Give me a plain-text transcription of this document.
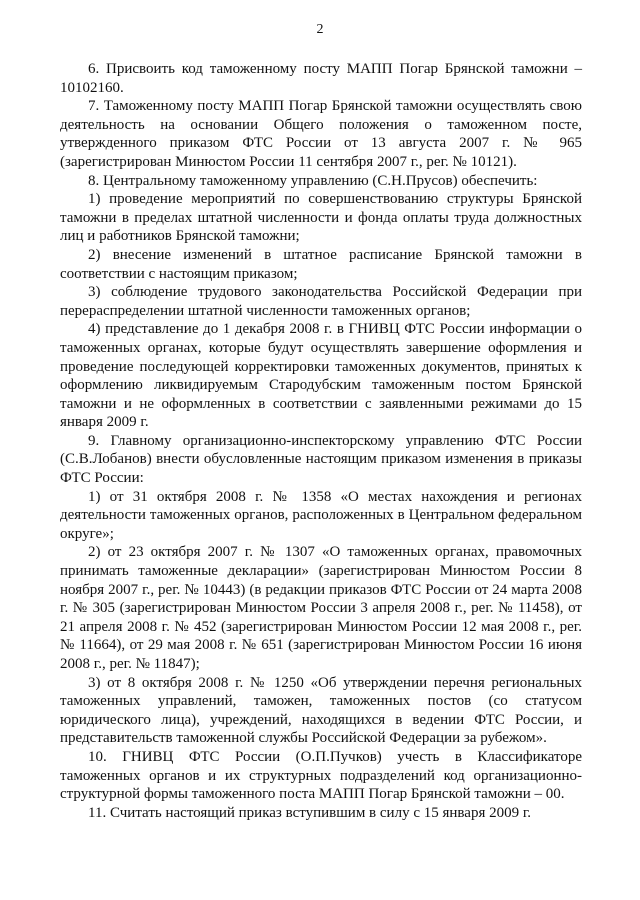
2

6. Присвоить код таможенному посту МАПП Погар Брянской таможни – 10102160.

7. Таможенному посту МАПП Погар Брянской таможни осуществлять свою деятельность на основании Общего положения о таможенном посте, утвержденного приказом ФТС России от 13 августа 2007 г. № 965 (зарегистрирован Минюстом России 11 сентября 2007 г., рег. № 10121).

8. Центральному таможенному управлению (С.Н.Прусов) обеспечить:

1) проведение мероприятий по совершенствованию структуры Брянской таможни в пределах штатной численности и фонда оплаты труда должностных лиц и работников Брянской таможни;

2) внесение изменений в штатное расписание Брянской таможни в соответствии с настоящим приказом;

3) соблюдение трудового законодательства Российской Федерации при перераспределении штатной численности таможенных органов;

4) представление до 1 декабря 2008 г. в ГНИВЦ ФТС России информации о таможенных органах, которые будут осуществлять завершение оформления и проведение последующей корректировки таможенных документов, принятых к оформлению ликвидируемым Стародубским таможенным постом Брянской таможни и не оформленных в соответствии с заявленными режимами до 15 января 2009 г.

9. Главному организационно-инспекторскому управлению ФТС России (С.В.Лобанов) внести обусловленные настоящим приказом изменения в приказы ФТС России:

1) от 31 октября 2008 г. № 1358 «О местах нахождения и регионах деятельности таможенных органов, расположенных в Центральном федеральном округе»;

2) от 23 октября 2007 г. № 1307 «О таможенных органах, правомочных принимать таможенные декларации» (зарегистрирован Минюстом России 8 ноября 2007 г., рег. № 10443) (в редакции приказов ФТС России от 24 марта 2008 г. № 305 (зарегистрирован Минюстом России 3 апреля 2008 г., рег. № 11458), от 21 апреля 2008 г. № 452 (зарегистрирован Минюстом России 12 мая 2008 г., рег. № 11664), от 29 мая 2008 г. № 651 (зарегистрирован Минюстом России 16 июня 2008 г., рег. № 11847);

3) от 8 октября 2008 г. № 1250 «Об утверждении перечня региональных таможенных управлений, таможен, таможенных постов (со статусом юридического лица), учреждений, находящихся в ведении ФТС России, и представительств таможенной службы Российской Федерации за рубежом».

10. ГНИВЦ ФТС России (О.П.Пучков) учесть в Классификаторе таможенных органов и их структурных подразделений код организационно-структурной формы таможенного поста МАПП Погар Брянской таможни – 00.

11. Считать настоящий приказ вступившим в силу с 15 января 2009 г.
